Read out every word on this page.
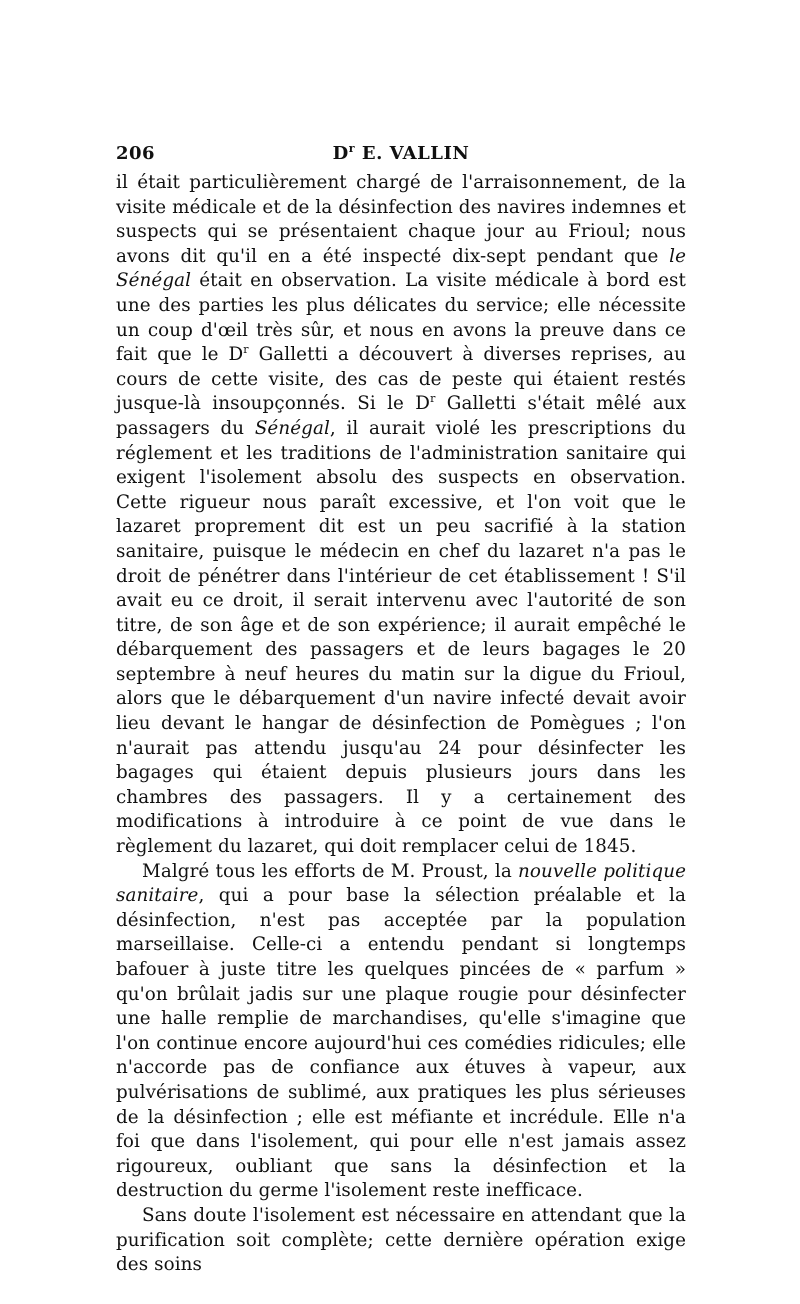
206	$D^r$ E. VALLIN

il était particulièrement chargé de l'arraisonnement, de la visite médicale et de la désinfection des navires indemnes et suspects qui se présentaient chaque jour au Frioul; nous avons dit qu'il en a été inspecté dix-sept pendant que le Sénégal était en observation. La visite médicale à bord est une des parties les plus délicates du service; elle nécessite un coup d'œil très sûr, et nous en avons la preuve dans ce fait que le $D^r$ Galletti a découvert à diverses reprises, au cours de cette visite, des cas de peste qui étaient restés jusque-là insoupçonnés. Si le $D^r$ Galletti s'était mêlé aux passagers du Sénégal, il aurait violé les prescriptions du réglement et les traditions de l'administration sanitaire qui exigent l'isolement absolu des suspects en observation. Cette rigueur nous paraît excessive, et l'on voit que le lazaret proprement dit est un peu sacrifié à la station sanitaire, puisque le médecin en chef du lazaret n'a pas le droit de pénétrer dans l'intérieur de cet établissement ! S'il avait eu ce droit, il serait intervenu avec l'autorité de son titre, de son âge et de son expérience; il aurait empêché le débarquement des passagers et de leurs bagages le 20 septembre à neuf heures du matin sur la digue du Frioul, alors que le débarquement d'un navire infecté devait avoir lieu devant le hangar de désinfection de Pomègues ; l'on n'aurait pas attendu jusqu'au 24 pour désinfecter les bagages qui étaient depuis plusieurs jours dans les chambres des passagers. Il y a certainement des modifications à introduire à ce point de vue dans le règlement du lazaret, qui doit remplacer celui de 1845.

Malgré tous les efforts de M. Proust, la nouvelle politique sanitaire, qui a pour base la sélection préalable et la désinfection, n'est pas acceptée par la population marseillaise. Celle-ci a entendu pendant si longtemps bafouer à juste titre les quelques pincées de « parfum » qu'on brûlait jadis sur une plaque rougie pour désinfecter une halle remplie de marchandises, qu'elle s'imagine que l'on continue encore aujourd'hui ces comédies ridicules; elle n'accorde pas de confiance aux étuves à vapeur, aux pulvérisations de sublimé, aux pratiques les plus sérieuses de la désinfection ; elle est méfiante et incrédule. Elle n'a foi que dans l'isolement, qui pour elle n'est jamais assez rigoureux, oubliant que sans la désinfection et la destruction du germe l'isolement reste inefficace.

Sans doute l'isolement est nécessaire en attendant que la purification soit complète; cette dernière opération exige des soins
